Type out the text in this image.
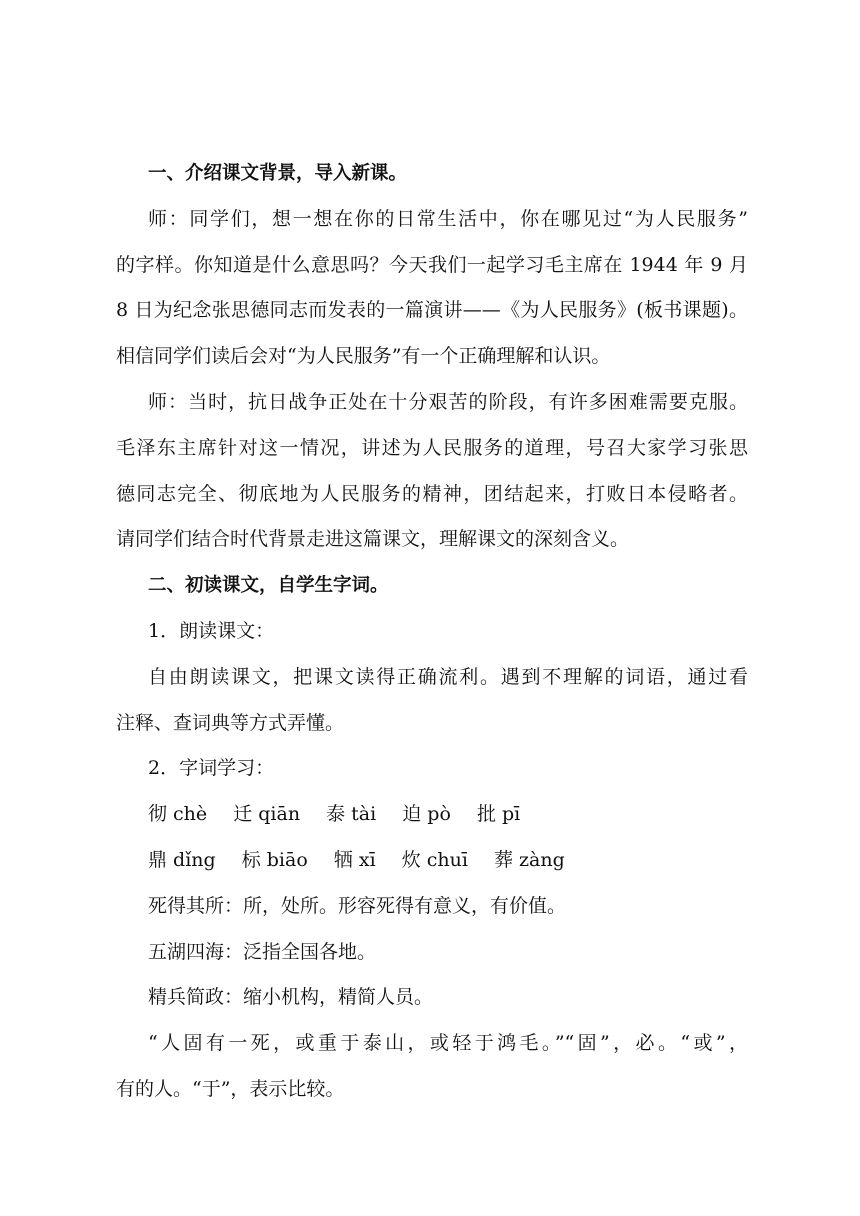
一、介绍课文背景，导入新课。
师：同学们，想一想在你的日常生活中，你在哪见过“为人民服务”
的字样。你知道是什么意思吗？今天我们一起学习毛主席在 1944 年 9 月
8 日为纪念张思德同志而发表的一篇演讲——《为人民服务》(板书课题)。
相信同学们读后会对“为人民服务”有一个正确理解和认识。
师：当时，抗日战争正处在十分艰苦的阶段，有许多困难需要克服。
毛泽东主席针对这一情况，讲述为人民服务的道理，号召大家学习张思
德同志完全、彻底地为人民服务的精神，团结起来，打败日本侵略者。
请同学们结合时代背景走进这篇课文，理解课文的深刻含义。
二、初读课文，自学生字词。
1．朗读课文：
自由朗读课文，把课文读得正确流利。遇到不理解的词语，通过看
注释、查词典等方式弄懂。
2．字词学习：
彻 chè 迁 qiān 泰 tài 迫 pò 批 pī
鼎 dǐng 标 biāo 牺 xī 炊 chuī 葬 zàng
死得其所：所，处所。形容死得有意义，有价值。
五湖四海：泛指全国各地。
精兵简政：缩小机构，精简人员。
“人固有一死，或重于泰山，或轻于鸿毛。”“固”，必。“或”，
有的人。“于”，表示比较。
